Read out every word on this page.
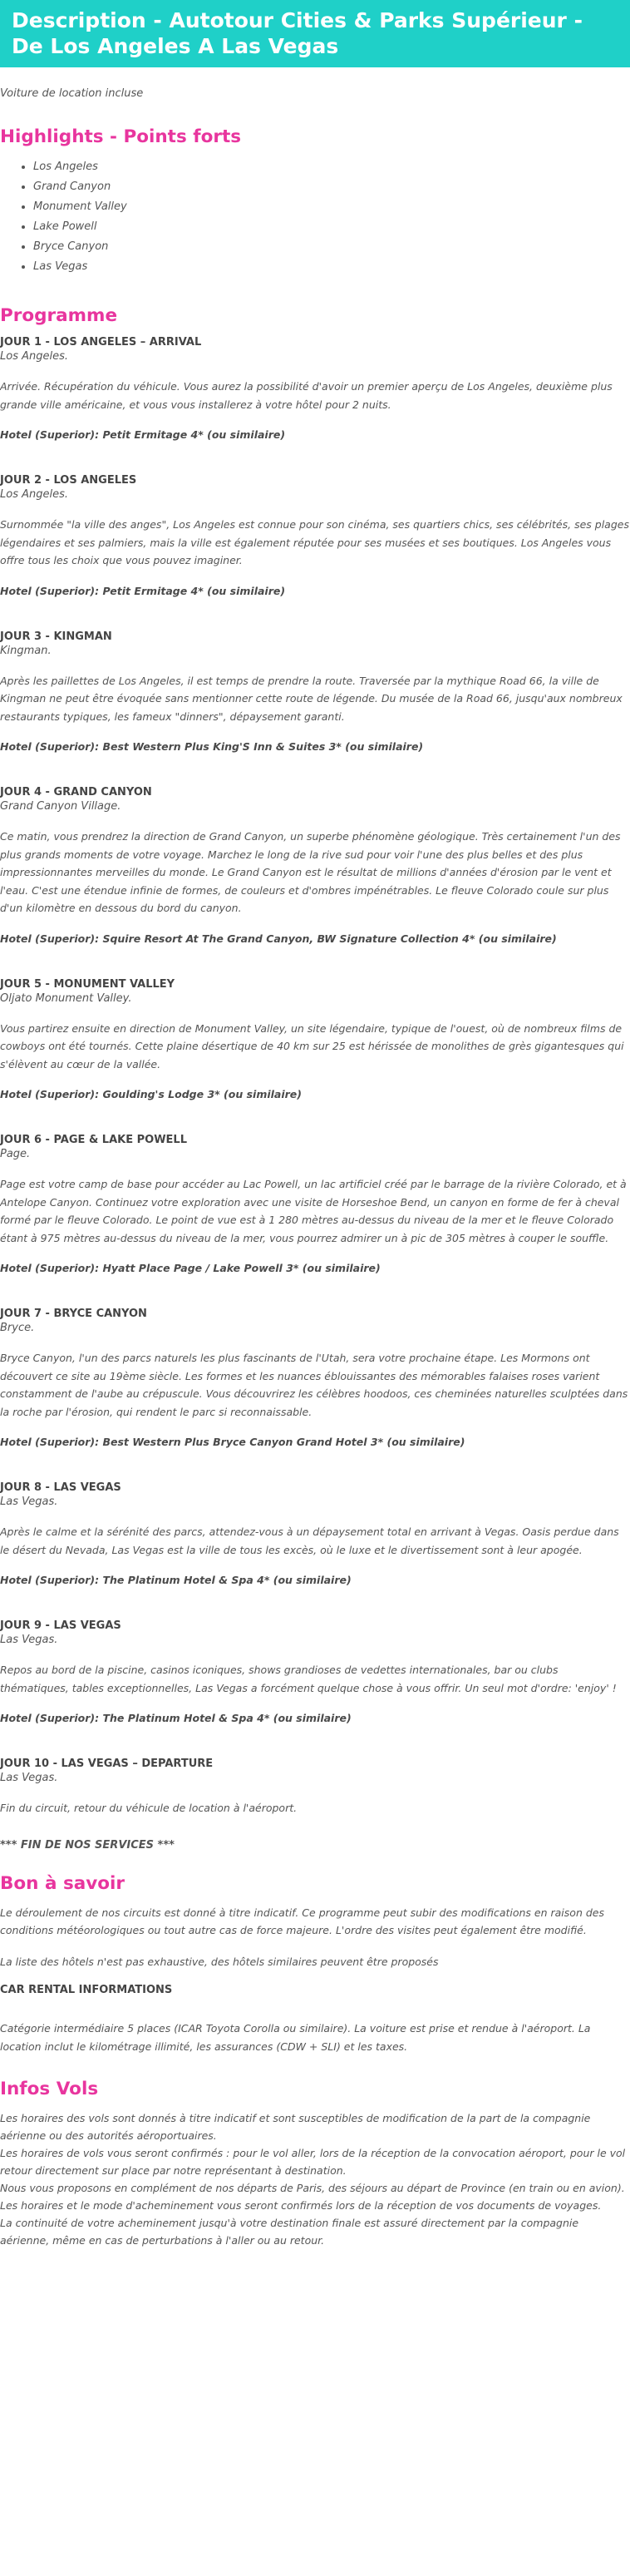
Description - Autotour Cities & Parks Supérieur - De Los Angeles A Las Vegas

Voiture de location incluse

Highlights - Points forts
• Los Angeles
• Grand Canyon
• Monument Valley
• Lake Powell
• Bryce Canyon
• Las Vegas
Programme

JOUR 1 - LOS ANGELES – ARRIVAL

Los Angeles.

Arrivée. Récupération du véhicule. Vous aurez la possibilité d'avoir un premier aperçu de Los Angeles, deuxième plus grande ville américaine, et vous vous installerez à votre hôtel pour 2 nuits.

Hotel (Superior): Petit Ermitage 4* (ou similaire)

JOUR 2 - LOS ANGELES

Los Angeles.

Surnommée "la ville des anges", Los Angeles est connue pour son cinéma, ses quartiers chics, ses célébrités, ses plages légendaires et ses palmiers, mais la ville est également réputée pour ses musées et ses boutiques. Los Angeles vous offre tous les choix que vous pouvez imaginer.

Hotel (Superior): Petit Ermitage 4* (ou similaire)

JOUR 3 - KINGMAN

Kingman.

Après les paillettes de Los Angeles, il est temps de prendre la route. Traversée par la mythique Road 66, la ville de Kingman ne peut être évoquée sans mentionner cette route de légende. Du musée de la Road 66, jusqu'aux nombreux restaurants typiques, les fameux "dinners", dépaysement garanti.

Hotel (Superior): Best Western Plus King'S Inn & Suites 3* (ou similaire)

JOUR 4 - GRAND CANYON

Grand Canyon Village.

Ce matin, vous prendrez la direction de Grand Canyon, un superbe phénomène géologique. Très certainement l'un des plus grands moments de votre voyage. Marchez le long de la rive sud pour voir l'une des plus belles et des plus impressionnantes merveilles du monde. Le Grand Canyon est le résultat de millions d'années d'érosion par le vent et l'eau. C'est une étendue infinie de formes, de couleurs et d'ombres impénétrables. Le fleuve Colorado coule sur plus d'un kilomètre en dessous du bord du canyon.

Hotel (Superior): Squire Resort At The Grand Canyon, BW Signature Collection 4* (ou similaire)

JOUR 5 - MONUMENT VALLEY

Oljato Monument Valley.

Vous partirez ensuite en direction de Monument Valley, un site légendaire, typique de l'ouest, où de nombreux films de cowboys ont été tournés. Cette plaine désertique de 40 km sur 25 est hérissée de monolithes de grès gigantesques qui s'élèvent au cœur de la vallée.

Hotel (Superior): Goulding's Lodge 3* (ou similaire)

JOUR 6 - PAGE & LAKE POWELL

Page.

Page est votre camp de base pour accéder au Lac Powell, un lac artificiel créé par le barrage de la rivière Colorado, et à Antelope Canyon. Continuez votre exploration avec une visite de Horseshoe Bend, un canyon en forme de fer à cheval formé par le fleuve Colorado. Le point de vue est à 1 280 mètres au-dessus du niveau de la mer et le fleuve Colorado étant à 975 mètres au-dessus du niveau de la mer, vous pourrez admirer un à pic de 305 mètres à couper le souffle.

Hotel (Superior): Hyatt Place Page / Lake Powell 3* (ou similaire)

JOUR 7 - BRYCE CANYON

Bryce.

Bryce Canyon, l'un des parcs naturels les plus fascinants de l'Utah, sera votre prochaine étape. Les Mormons ont découvert ce site au 19ème siècle. Les formes et les nuances éblouissantes des mémorables falaises roses varient constamment de l'aube au crépuscule. Vous découvrirez les célèbres hoodoos, ces cheminées naturelles sculptées dans la roche par l'érosion, qui rendent le parc si reconnaissable.

Hotel (Superior): Best Western Plus Bryce Canyon Grand Hotel 3* (ou similaire)

JOUR 8 - LAS VEGAS

Las Vegas.

Après le calme et la sérénité des parcs, attendez-vous à un dépaysement total en arrivant à Vegas. Oasis perdue dans le désert du Nevada, Las Vegas est la ville de tous les excès, où le luxe et le divertissement sont à leur apogée.

Hotel (Superior): The Platinum Hotel & Spa 4* (ou similaire)

JOUR 9 - LAS VEGAS

Las Vegas.

Repos au bord de la piscine, casinos iconiques, shows grandioses de vedettes internationales, bar ou clubs thématiques, tables exceptionnelles, Las Vegas a forcément quelque chose à vous offrir. Un seul mot d'ordre: 'enjoy' !

Hotel (Superior): The Platinum Hotel & Spa 4* (ou similaire)

JOUR 10 - LAS VEGAS – DEPARTURE

Las Vegas.

Fin du circuit, retour du véhicule de location à l'aéroport.

*** FIN DE NOS SERVICES ***

Bon à savoir

Le déroulement de nos circuits est donné à titre indicatif. Ce programme peut subir des modifications en raison des conditions météorologiques ou tout autre cas de force majeure. L'ordre des visites peut également être modifié.

La liste des hôtels n'est pas exhaustive, des hôtels similaires peuvent être proposés

CAR RENTAL INFORMATIONS

Catégorie intermédiaire 5 places (ICAR Toyota Corolla ou similaire). La voiture est prise et rendue à l'aéroport. La location inclut le kilométrage illimité, les assurances (CDW + SLI) et les taxes.

Infos Vols

Les horaires des vols sont donnés à titre indicatif et sont susceptibles de modification de la part de la compagnie aérienne ou des autorités aéroportuaires.

Les horaires de vols vous seront confirmés : pour le vol aller, lors de la réception de la convocation aéroport, pour le vol retour directement sur place par notre représentant à destination.

Nous vous proposons en complément de nos départs de Paris, des séjours au départ de Province (en train ou en avion).

Les horaires et le mode d'acheminement vous seront confirmés lors de la réception de vos documents de voyages.

La continuité de votre acheminement jusqu'à votre destination finale est assuré directement par la compagnie aérienne, même en cas de perturbations à l'aller ou au retour.
